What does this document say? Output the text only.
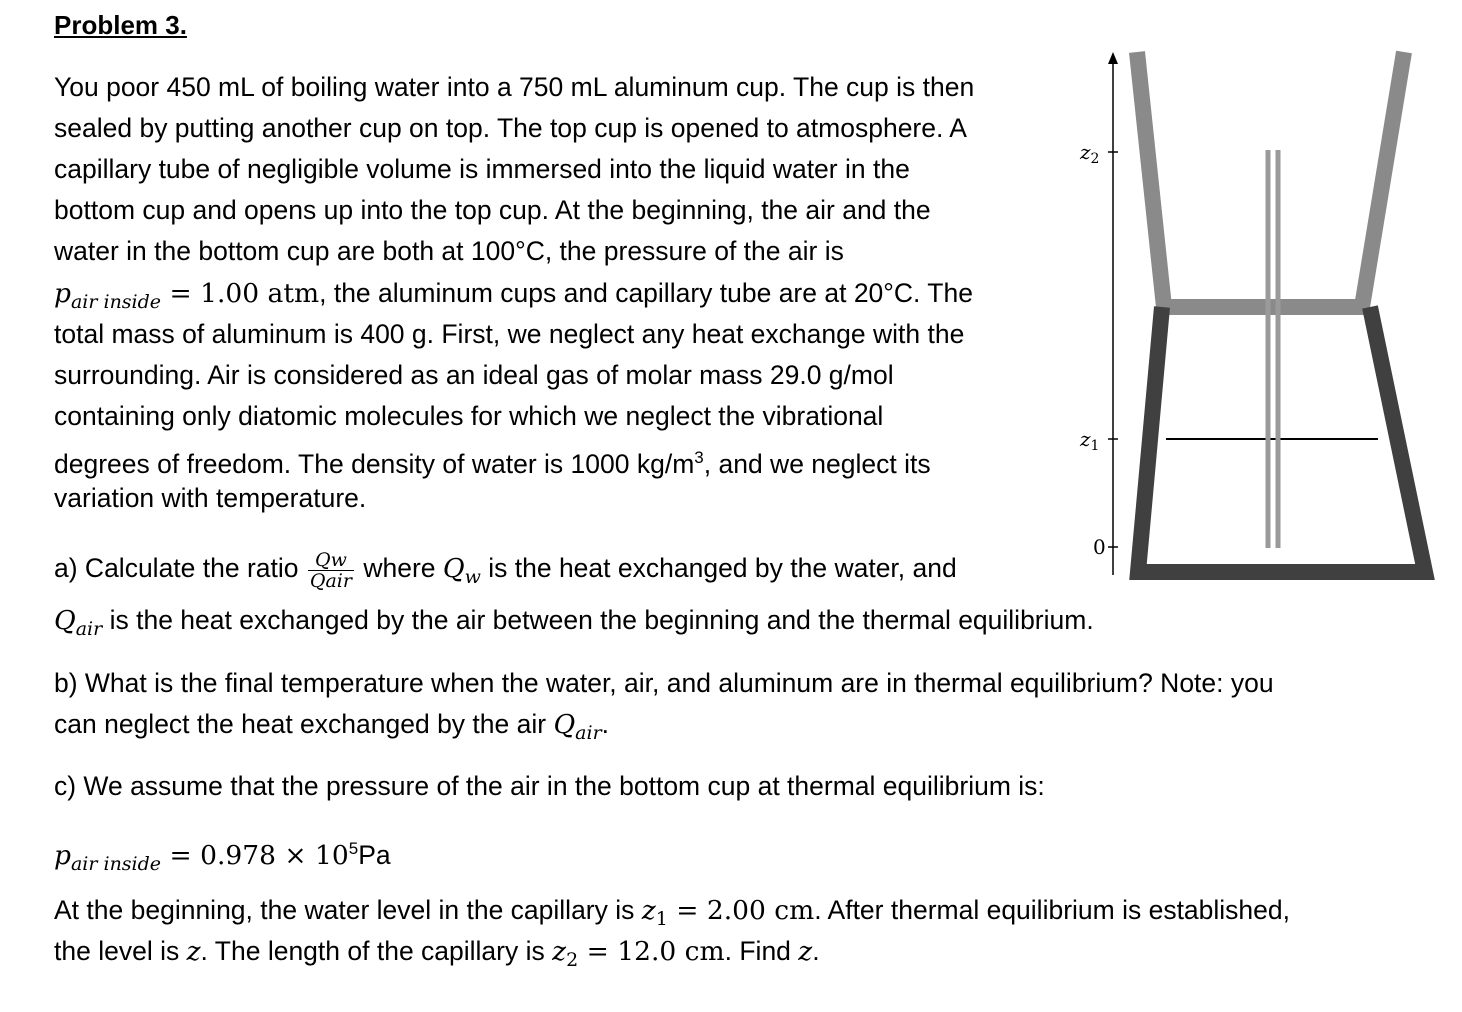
Problem 3.
You poor 450 mL of boiling water into a 750 mL aluminum cup. The cup is then
sealed by putting another cup on top. The top cup is opened to atmosphere. A
capillary tube of negligible volume is immersed into the liquid water in the
bottom cup and opens up into the top cup. At the beginning, the air and the
water in the bottom cup are both at 100°C, the pressure of the air is
$p_{air inside} = 1.00$ atm, the aluminum cups and capillary tube are at 20°C. The
total mass of aluminum is 400 g. First, we neglect any heat exchange with the
surrounding. Air is considered as an ideal gas of molar mass 29.0 g/mol
containing only diatomic molecules for which we neglect the vibrational
degrees of freedom. The density of water is 1000 $kg/m^3$, and we neglect its
variation with temperature.
a) Calculate the ratio $\frac{Qw}{\text{Qair}}$ where $Q_w$ is the heat exchanged by the water, and
$Q_{air}$ is the heat exchanged by the air between the beginning and the thermal equilibrium.
b) What is the final temperature when the water, air, and aluminum are in thermal equilibrium? Note: you
can neglect the heat exchanged by the air $Q_{air}$.
c) We assume that the pressure of the air in the bottom cup at thermal equilibrium is:
$p_{air inside} = 0.978 \times 10^5Pa$
At the beginning, the water level in the capillary is $z_1 = 2.00$ cm. After thermal equilibrium is established,
the level is z. The length of the capillary is $z_2 = 12.0$ cm. Find z.
$z_2$
$z_1$
0
